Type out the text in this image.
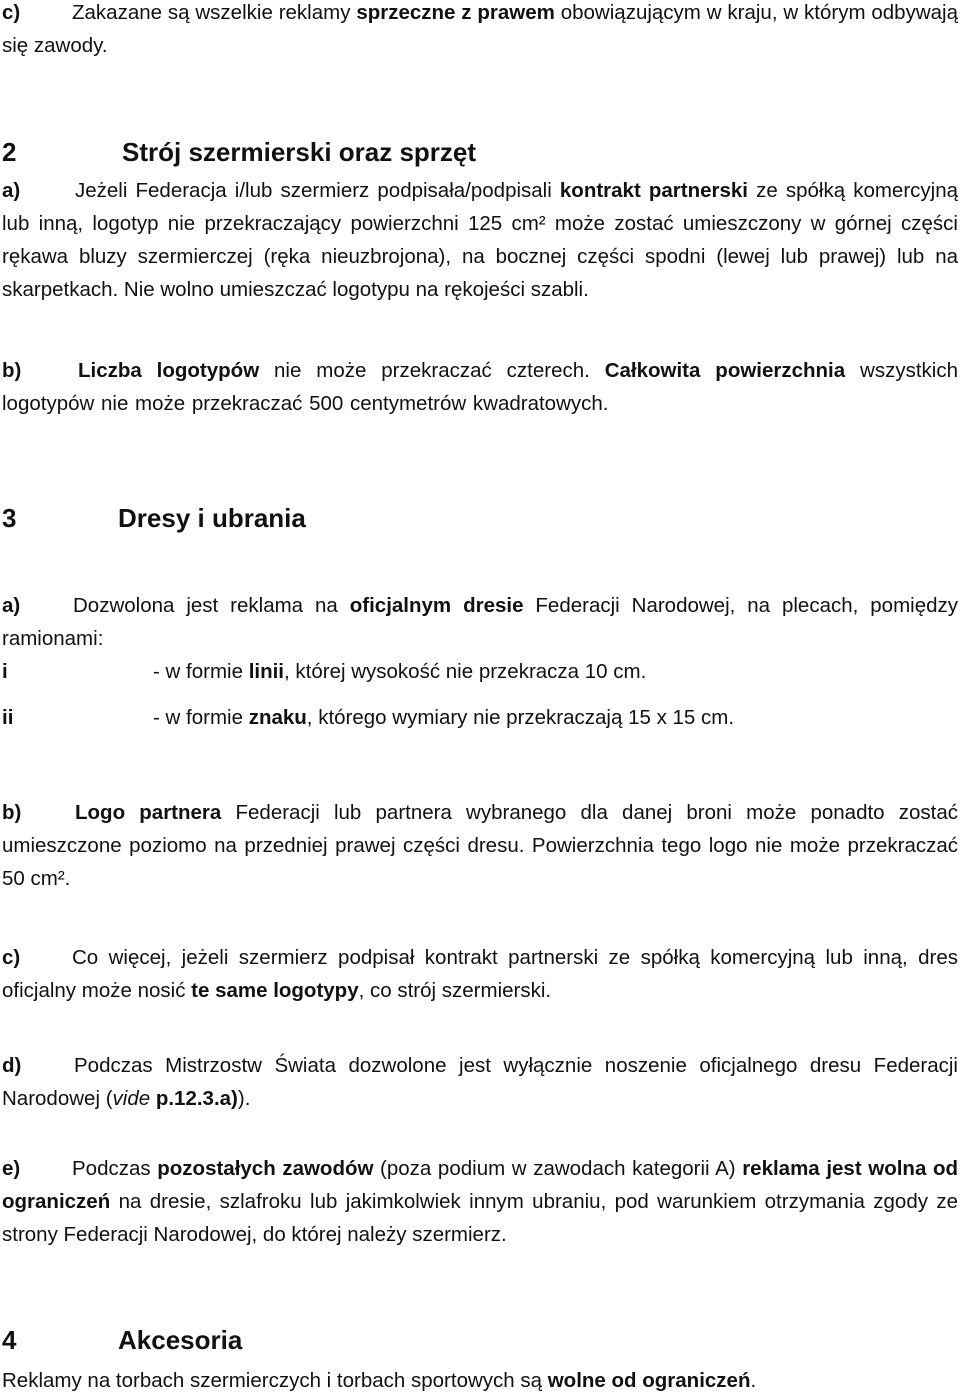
c)	Zakazane są wszelkie reklamy sprzeczne z prawem obowiązującym w kraju, w którym odbywają się zawody.
2	Strój szermierski oraz sprzęt
a)	Jeżeli Federacja i/lub szermierz podpisała/podpisali kontrakt partnerski ze spółką komercyjną lub inną, logotyp nie przekraczający powierzchni 125 cm² może zostać umieszczony w górnej części rękawa bluzy szermierczej (ręka nieuzbrojona), na bocznej części spodni (lewej lub prawej) lub na skarpetkach. Nie wolno umieszczać logotypu na rękojeści szabli.
b)	Liczba logotypów nie może przekraczać czterech. Całkowita powierzchnia wszystkich logotypów nie może przekraczać 500 centymetrów kwadratowych.
3	Dresy i ubrania
a)	Dozwolona jest reklama na oficjalnym dresie Federacji Narodowej, na plecach, pomiędzy ramionami:
i	- w formie linii, której wysokość nie przekracza 10 cm.
ii	- w formie znaku, którego wymiary nie przekraczają 15 x 15 cm.
b)	Logo partnera Federacji lub partnera wybranego dla danej broni może ponadto zostać umieszczone poziomo na przedniej prawej części dresu. Powierzchnia tego logo nie może przekraczać 50 cm².
c)	Co więcej, jeżeli szermierz podpisał kontrakt partnerski ze spółką komercyjną lub inną, dres oficjalny może nosić te same logotypy, co strój szermierski.
d)	Podczas Mistrzostw Świata dozwolone jest wyłącznie noszenie oficjalnego dresu Federacji Narodowej (vide p.12.3.a)).
e)	Podczas pozostałych zawodów (poza podium w zawodach kategorii A) reklama jest wolna od ograniczeń na dresie, szlafroku lub jakimkolwiek innym ubraniu, pod warunkiem otrzymania zgody ze strony Federacji Narodowej, do której należy szermierz.
4	Akcesoria
Reklamy na torbach szermierczych i torbach sportowych są wolne od ograniczeń.
